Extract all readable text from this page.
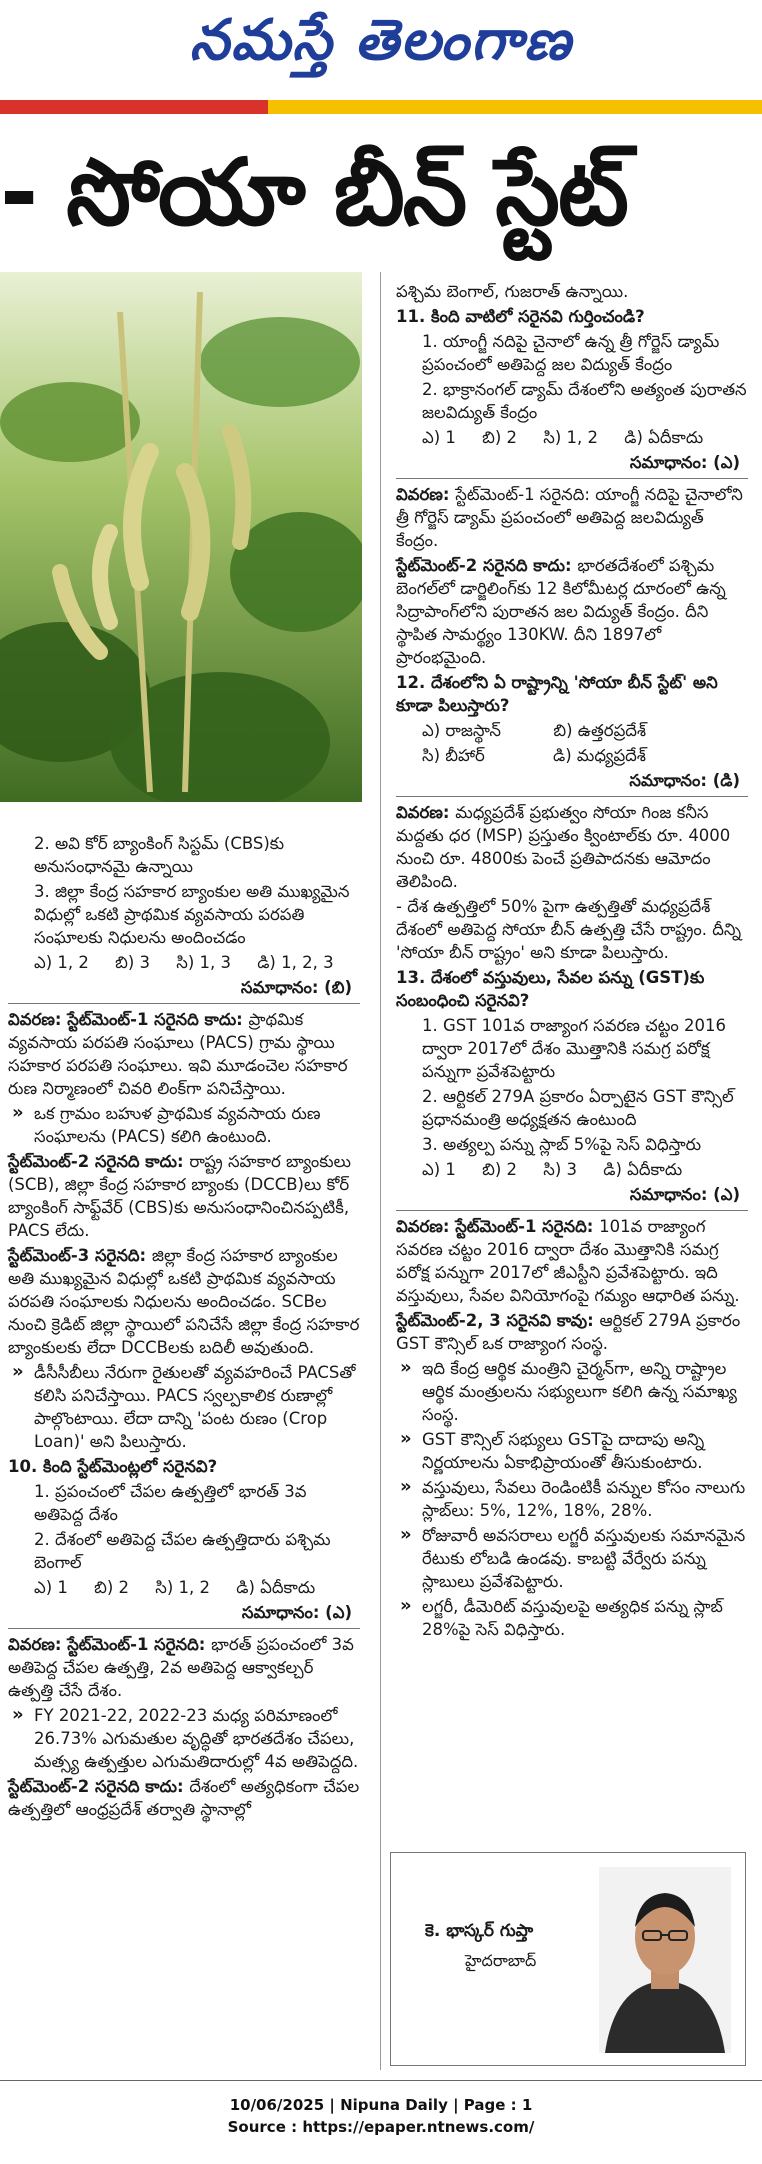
నమస్తే తెలంగాణ
- సోయా బీన్ స్టేట్

పశ్చిమ బెంగాల్, గుజరాత్ ఉన్నాయి.

11. కింది వాటిలో సరైనవి గుర్తించండి?

1. యాంగ్జీ నదిపై చైనాలో ఉన్న త్రీ గోర్జెస్ డ్యామ్ ప్రపంచంలో అతిపెద్ద జల విద్యుత్ కేంద్రం

2. భాక్రానంగల్ డ్యామ్ దేశంలోని అత్యంత పురాతన జలవిద్యుత్ కేంద్రం

ఎ) 1     బి) 2     సి) 1, 2     డి) ఏదీకాదు

సమాధానం: (ఎ)

వివరణ: స్టేట్‌మెంట్-1 సరైనది: యాంగ్జీ నదిపై చైనాలోని త్రీ గోర్జెస్ డ్యామ్ ప్రపంచంలో అతిపెద్ద జలవిద్యుత్ కేంద్రం.

స్టేట్‌మెంట్-2 సరైనది కాదు: భారతదేశంలో పశ్చిమ బెంగల్‌లో డార్జిలింగ్‌కు 12 కిలోమీటర్ల దూరంలో ఉన్న సిద్రాపాంగ్‌లోని పురాతన జల విద్యుత్ కేంద్రం. దీని స్థాపిత సామర్థ్యం 130KW. దీని 1897లో ప్రారంభమైంది.

12. దేశంలోని ఏ రాష్ట్రాన్ని 'సోయా బీన్ స్టేట్' అని కూడా పిలుస్తారు?

ఎ) రాజస్థాన్          బి) ఉత్తరప్రదేశ్

సి) బీహార్             డి) మధ్యప్రదేశ్

సమాధానం: (డి)

వివరణ: మధ్యప్రదేశ్ ప్రభుత్వం సోయా గింజ కనీస మద్దతు ధర (MSP) ప్రస్తుతం క్వింటాల్‌కు రూ. 4000 నుంచి రూ. 4800కు పెంచే ప్రతిపాదనకు ఆమోదం తెలిపింది.

- దేశ ఉత్పత్తిలో 50% పైగా ఉత్పత్తితో మధ్యప్రదేశ్ దేశంలో అతిపెద్ద సోయా బీన్ ఉత్పత్తి చేసే రాష్ట్రం. దీన్ని 'సోయా బీన్ రాష్ట్రం' అని కూడా పిలుస్తారు.

13. దేశంలో వస్తువులు, సేవల పన్ను (GST)కు సంబంధించి సరైనవి?

1. GST 101వ రాజ్యాంగ సవరణ చట్టం 2016 ద్వారా 2017లో దేశం మొత్తానికి సమగ్ర పరోక్ష పన్నుగా ప్రవేశపెట్టారు

2. ఆర్టికల్ 279A ప్రకారం ఏర్పాటైన GST కౌన్సిల్ ప్రధానమంత్రి అధ్యక్షతన ఉంటుంది

3. అత్యల్ప పన్ను స్లాబ్ 5%పై సెస్ విధిస్తారు

ఎ) 1     బి) 2     సి) 3     డి) ఏదీకాదు

సమాధానం: (ఎ)

వివరణ: స్టేట్‌మెంట్-1 సరైనది: 101వ రాజ్యాంగ సవరణ చట్టం 2016 ద్వారా దేశం మొత్తానికి సమగ్ర పరోక్ష పన్నుగా 2017లో జీఎస్టీని ప్రవేశపెట్టారు. ఇది వస్తువులు, సేవల వినియోగంపై గమ్యం ఆధారిత పన్ను.

స్టేట్‌మెంట్-2, 3 సరైనవి కావు: ఆర్టికల్ 279A ప్రకారం GST కౌన్సిల్ ఒక రాజ్యాంగ సంస్థ.

» ఇది కేంద్ర ఆర్థిక మంత్రిని చైర్మన్‌గా, అన్ని రాష్ట్రాల ఆర్థిక మంత్రులను సభ్యులుగా కలిగి ఉన్న సమాఖ్య సంస్థ.

» GST కౌన్సిల్ సభ్యులు GSTపై దాదాపు అన్ని నిర్ణయాలను ఏకాభిప్రాయంతో తీసుకుంటారు.

» వస్తువులు, సేవలు రెండింటికీ పన్నుల కోసం నాలుగు స్లాబ్‌లు: 5%, 12%, 18%, 28%.

» రోజువారీ అవసరాలు లగ్జరీ వస్తువులకు సమానమైన రేటుకు లోబడి ఉండవు. కాబట్టి వేర్వేరు పన్ను స్లాబులు ప్రవేశపెట్టారు.

» లగ్జరీ, డీమెరిట్ వస్తువులపై అత్యధిక పన్ను స్లాబ్ 28%పై సెస్ విధిస్తారు.

2. అవి కోర్ బ్యాంకింగ్ సిస్టమ్ (CBS)కు అనుసంధానమై ఉన్నాయి

3. జిల్లా కేంద్ర సహకార బ్యాంకుల అతి ముఖ్యమైన విధుల్లో ఒకటి ప్రాథమిక వ్యవసాయ పరపతి సంఘాలకు నిధులను అందించడం

ఎ) 1, 2     బి) 3     సి) 1, 3     డి) 1, 2, 3

సమాధానం: (బి)

వివరణ: స్టేట్‌మెంట్-1 సరైనది కాదు: ప్రాథమిక వ్యవసాయ పరపతి సంఘాలు (PACS) గ్రామ స్థాయి సహకార పరపతి సంఘాలు. ఇవి మూడంచెల సహకార రుణ నిర్మాణంలో చివరి లింక్‌గా పనిచేస్తాయి.

» ఒక గ్రామం బహుళ ప్రాథమిక వ్యవసాయ రుణ సంఘాలను (PACS) కలిగి ఉంటుంది.

స్టేట్‌మెంట్-2 సరైనది కాదు: రాష్ట్ర సహకార బ్యాంకులు (SCB), జిల్లా కేంద్ర సహకార బ్యాంకు (DCCB)లు కోర్ బ్యాంకింగ్ సాఫ్ట్‌వేర్ (CBS)కు అనుసంధానించినప్పటికీ, PACS లేదు.

స్టేట్‌మెంట్-3 సరైనది: జిల్లా కేంద్ర సహకార బ్యాంకుల అతి ముఖ్యమైన విధుల్లో ఒకటి ప్రాథమిక వ్యవసాయ పరపతి సంఘాలకు నిధులను అందించడం. SCBల నుంచి క్రెడిట్ జిల్లా స్థాయిలో పనిచేసే జిల్లా కేంద్ర సహకార బ్యాంకులకు లేదా DCCBలకు బదిలీ అవుతుంది.

» డీసీసీబీలు నేరుగా రైతులతో వ్యవహరించే PACSతో కలిసి పనిచేస్తాయి. PACS స్వల్పకాలిక రుణాల్లో పాల్గొంటాయి. లేదా దాన్ని 'పంట రుణం (Crop Loan)' అని పిలుస్తారు.

10. కింది స్టేట్‌మెంట్లలో సరైనవి?

1. ప్రపంచంలో చేపల ఉత్పత్తిలో భారత్ 3వ అతిపెద్ద దేశం

2. దేశంలో అతిపెద్ద చేపల ఉత్పత్తిదారు పశ్చిమ బెంగాల్

ఎ) 1     బి) 2     సి) 1, 2     డి) ఏదీకాదు

సమాధానం: (ఎ)

వివరణ: స్టేట్‌మెంట్-1 సరైనది: భారత్ ప్రపంచంలో 3వ అతిపెద్ద చేపల ఉత్పత్తి, 2వ అతిపెద్ద ఆక్వాకల్చర్ ఉత్పత్తి చేసే దేశం.

» FY 2021-22, 2022-23 మధ్య పరిమాణంలో 26.73% ఎగుమతుల వృద్ధితో భారతదేశం చేపలు, మత్స్య ఉత్పత్తుల ఎగుమతిదారుల్లో 4వ అతిపెద్దది.

స్టేట్‌మెంట్-2 సరైనది కాదు: దేశంలో అత్యధికంగా చేపల ఉత్పత్తిలో ఆంధ్రప్రదేశ్ తర్వాతి స్థానాల్లో

కె. భాస్కర్ గుప్తా
హైదరాబాద్
10/06/2025 | Nipuna Daily | Page : 1
Source : https://epaper.ntnews.com/
